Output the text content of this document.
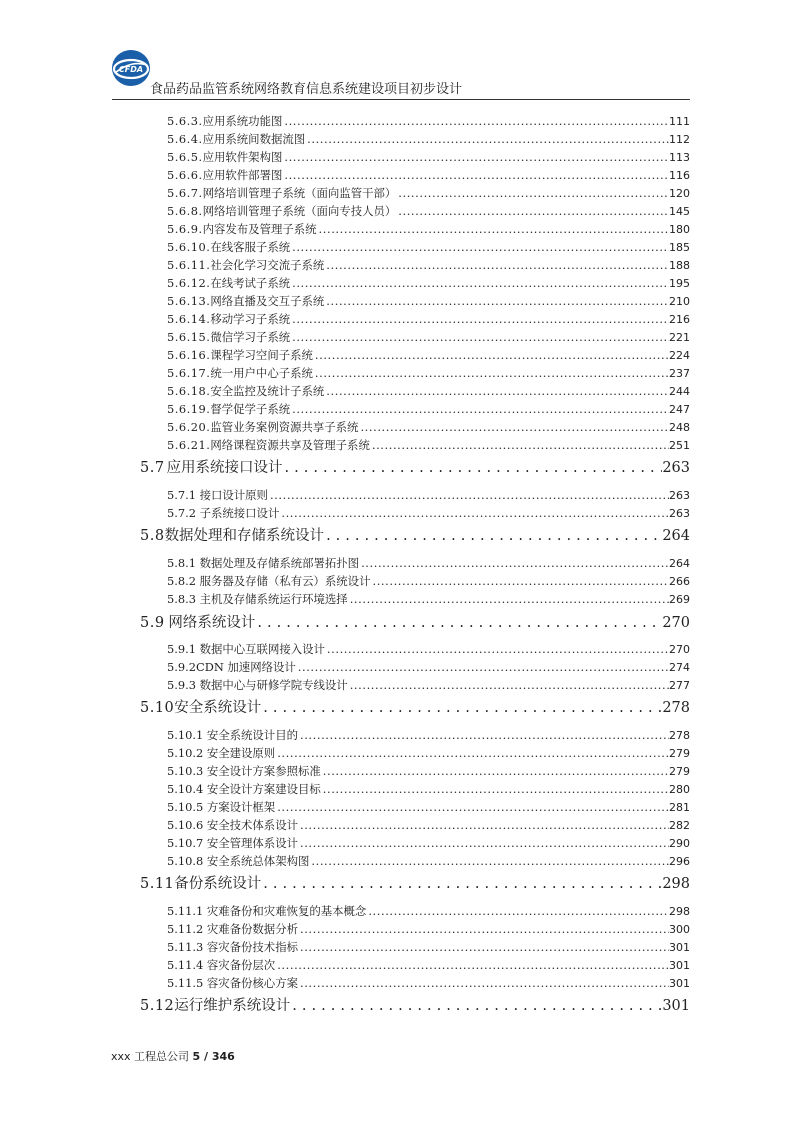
CFDA
食品药品监管系统网络教育信息系统建设项目初步设计
5.6.3. 应用系统功能图 .....	111
5.6.4. 应用系统间数据流图 .....	112
5.6.5. 应用软件架构图 .....	113
5.6.6. 应用软件部署图 .....	116
5.6.7. 网络培训管理子系统（面向监管干部） .....	120
5.6.8. 网络培训管理子系统（面向专技人员） .....	145
5.6.9. 内容发布及管理子系统 .....	180
5.6.10. 在线客服子系统 .....	185
5.6.11. 社会化学习交流子系统 .....	188
5.6.12. 在线考试子系统 .....	195
5.6.13. 网络直播及交互子系统 .....	210
5.6.14. 移动学习子系统 .....	216
5.6.15. 微信学习子系统 .....	221
5.6.16. 课程学习空间子系统 .....	224
5.6.17. 统一用户中心子系统 .....	237
5.6.18. 安全监控及统计子系统 .....	244
5.6.19. 督学促学子系统 .....	247
5.6.20. 监管业务案例资源共享子系统 .....	248
5.6.21. 网络课程资源共享及管理子系统 .....	251
5.7 应用系统接口设计 . . .	263
5.7.1 接口设计原则 .....	263
5.7.2 子系统接口设计 .....	263
5.8 数据处理和存储系统设计 . . .	264
5.8.1 数据处理及存储系统部署拓扑图 .....	264
5.8.2 服务器及存储（私有云）系统设计 .....	266
5.8.3 主机及存储系统运行环境选择 .....	269
5.9 网络系统设计 . . .	270
5.9.1 数据中心互联网接入设计 .....	270
5.9.2CDN 加速网络设计 .....	274
5.9.3 数据中心与研修学院专线设计 .....	277
5.10 安全系统设计 . . .	278
5.10.1 安全系统设计目的 .....	278
5.10.2 安全建设原则 .....	279
5.10.3 安全设计方案参照标准 .....	279
5.10.4 安全设计方案建设目标 .....	280
5.10.5 方案设计框架 .....	281
5.10.6 安全技术体系设计 .....	282
5.10.7 安全管理体系设计 .....	290
5.10.8 安全系统总体架构图 .....	296
5.11 备份系统设计 . . .	298
5.11.1 灾难备份和灾难恢复的基本概念 .....	298
5.11.2 灾难备份数据分析 .....	300
5.11.3 容灾备份技术指标 .....	301
5.11.4 容灾备份层次 .....	301
5.11.5 容灾备份核心方案 .....	301
5.12 运行维护系统设计 . . .	301
xxx 工程总公司 5 / 346
